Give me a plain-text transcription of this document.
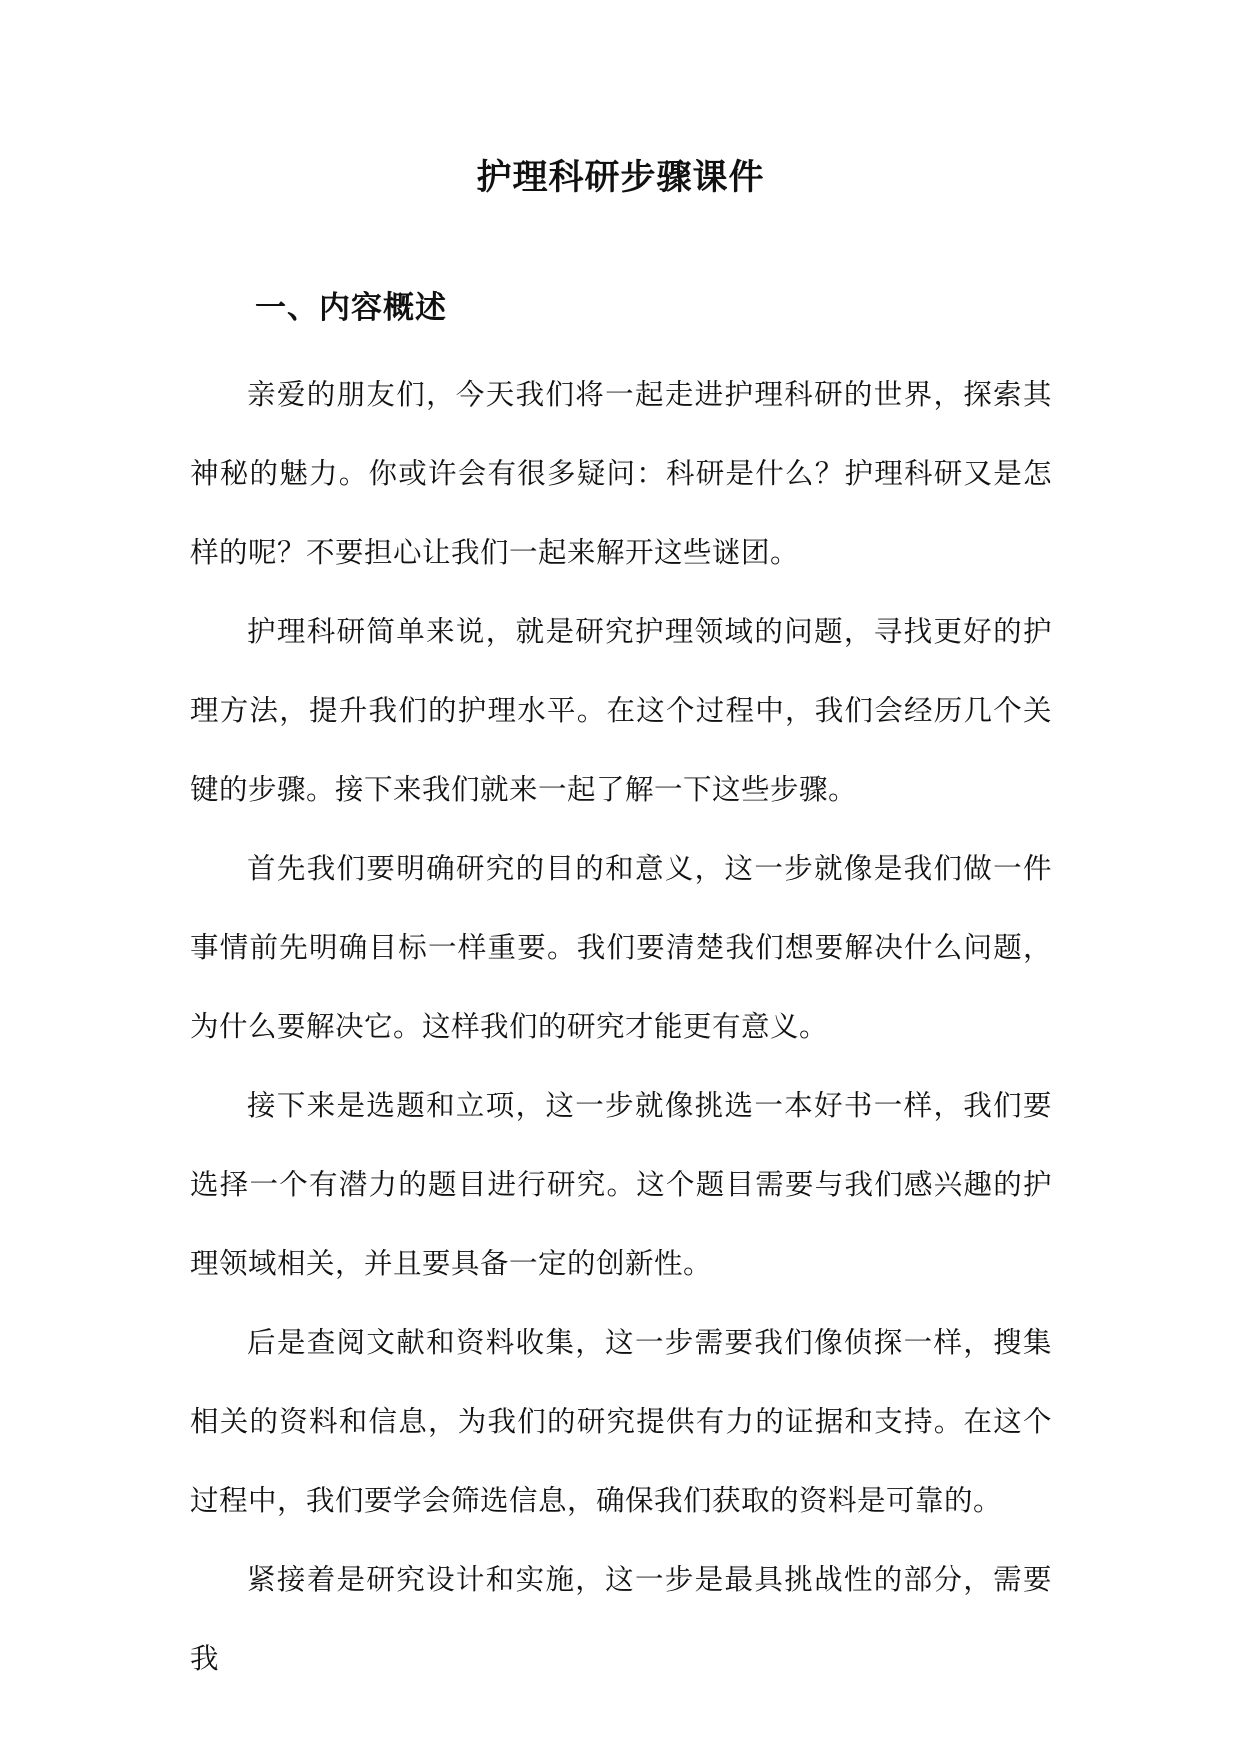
护理科研步骤课件
一、内容概述

亲爱的朋友们，今天我们将一起走进护理科研的世界，探索其神秘的魅力。你或许会有很多疑问：科研是什么？护理科研又是怎样的呢？不要担心让我们一起来解开这些谜团。

护理科研简单来说，就是研究护理领域的问题，寻找更好的护理方法，提升我们的护理水平。在这个过程中，我们会经历几个关键的步骤。接下来我们就来一起了解一下这些步骤。

首先我们要明确研究的目的和意义，这一步就像是我们做一件事情前先明确目标一样重要。我们要清楚我们想要解决什么问题，为什么要解决它。这样我们的研究才能更有意义。

接下来是选题和立项，这一步就像挑选一本好书一样，我们要选择一个有潜力的题目进行研究。这个题目需要与我们感兴趣的护理领域相关，并且要具备一定的创新性。

后是查阅文献和资料收集，这一步需要我们像侦探一样，搜集相关的资料和信息，为我们的研究提供有力的证据和支持。在这个过程中，我们要学会筛选信息，确保我们获取的资料是可靠的。

紧接着是研究设计和实施，这一步是最具挑战性的部分，需要我
